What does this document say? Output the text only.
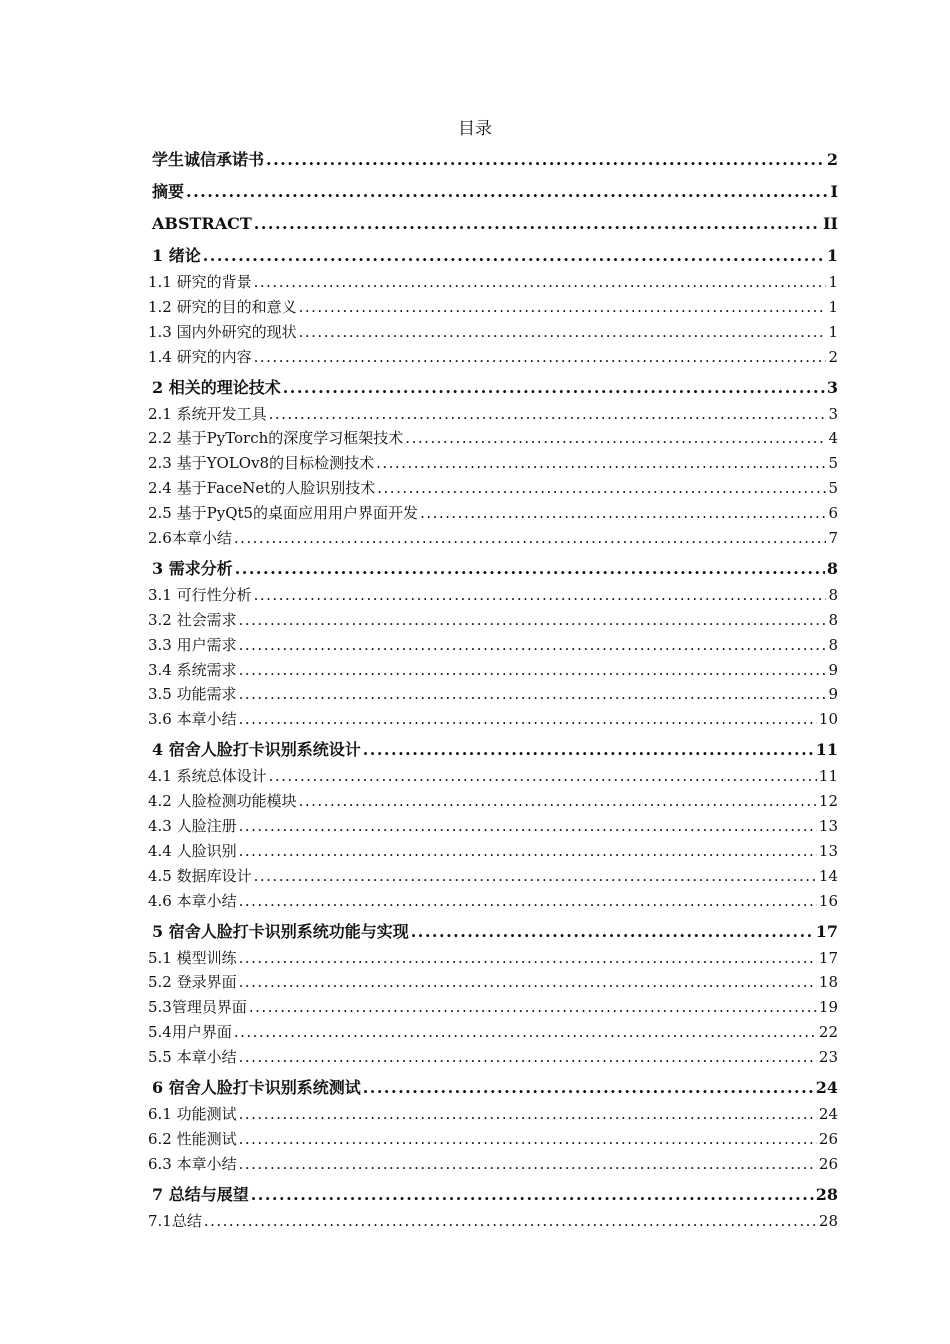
目录
学生诚信承诺书 .....	2
摘要 .....	I
ABSTRACT .....	II
1 绪论 .....	1
1.1 研究的背景 .....	1
1.2 研究的目的和意义 .....	1
1.3 国内外研究的现状 .....	1
1.4 研究的内容 .....	2
2 相关的理论技术 .....	3
2.1 系统开发工具 .....	3
2.2 基于PyTorch的深度学习框架技术 .....	4
2.3 基于YOLOv8的目标检测技术 .....	5
2.4 基于FaceNet的人脸识别技术 .....	5
2.5 基于PyQt5的桌面应用用户界面开发 .....	6
2.6本章小结 .....	7
3 需求分析 .....	8
3.1 可行性分析 .....	8
3.2 社会需求 .....	8
3.3 用户需求 .....	8
3.4 系统需求 .....	9
3.5 功能需求 .....	9
3.6 本章小结 .....	10
4 宿舍人脸打卡识别系统设计 .....	11
4.1 系统总体设计 .....	11
4.2 人脸检测功能模块 .....	12
4.3 人脸注册 .....	13
4.4 人脸识别 .....	13
4.5 数据库设计 .....	14
4.6 本章小结 .....	16
5 宿舍人脸打卡识别系统功能与实现 .....	17
5.1 模型训练 .....	17
5.2 登录界面 .....	18
5.3管理员界面 .....	19
5.4用户界面 .....	22
5.5 本章小结 .....	23
6 宿舍人脸打卡识别系统测试 .....	24
6.1 功能测试 .....	24
6.2 性能测试 .....	26
6.3 本章小结 .....	26
7 总结与展望 .....	28
7.1总结 .....	28
